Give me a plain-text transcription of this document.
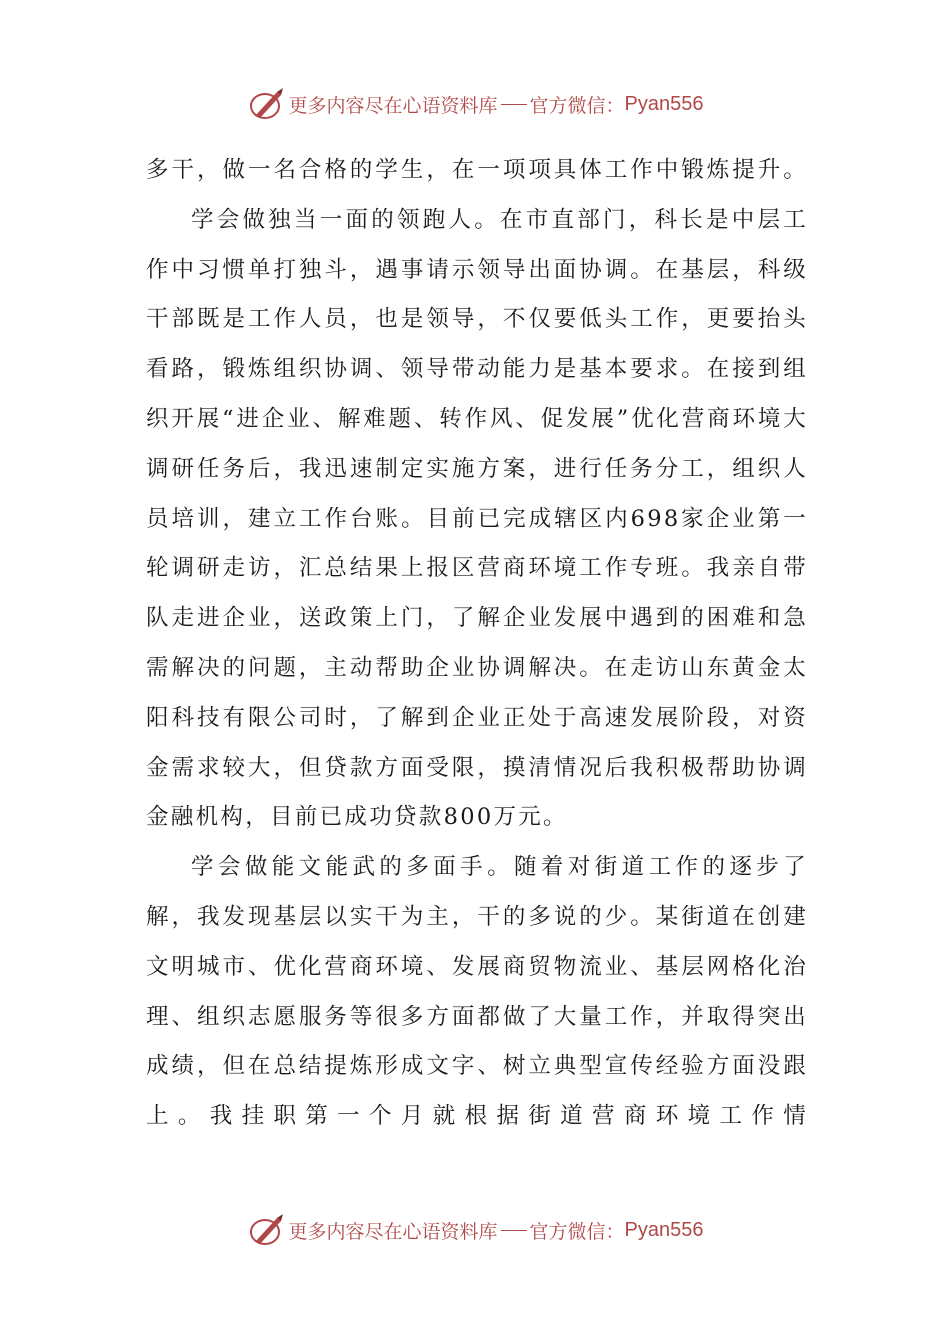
更多内容尽在心语资料库 官方微信： Pyan556

多干，做一名合格的学生，在一项项具体工作中锻炼提升。

学会做独当一面的领跑人。在市直部门，科长是中层工作中习惯单打独斗，遇事请示领导出面协调。在基层，科级干部既是工作人员，也是领导，不仅要低头工作，更要抬头看路，锻炼组织协调、领导带动能力是基本要求。在接到组织开展“进企业、解难题、转作风、促发展”优化营商环境大调研任务后，我迅速制定实施方案，进行任务分工，组织人员培训，建立工作台账。目前已完成辖区内698家企业第一轮调研走访，汇总结果上报区营商环境工作专班。我亲自带队走进企业，送政策上门，了解企业发展中遇到的困难和急需解决的问题，主动帮助企业协调解决。在走访山东黄金太阳科技有限公司时，了解到企业正处于高速发展阶段，对资金需求较大，但贷款方面受限，摸清情况后我积极帮助协调金融机构，目前已成功贷款800万元。

学会做能文能武的多面手。随着对街道工作的逐步了解，我发现基层以实干为主，干的多说的少。某街道在创建文明城市、优化营商环境、发展商贸物流业、基层网格化治理、组织志愿服务等很多方面都做了大量工作，并取得突出成绩，但在总结提炼形成文字、树立典型宣传经验方面没跟上。我挂职第一个月就根据街道营商环境工作情

更多内容尽在心语资料库 官方微信： Pyan556
